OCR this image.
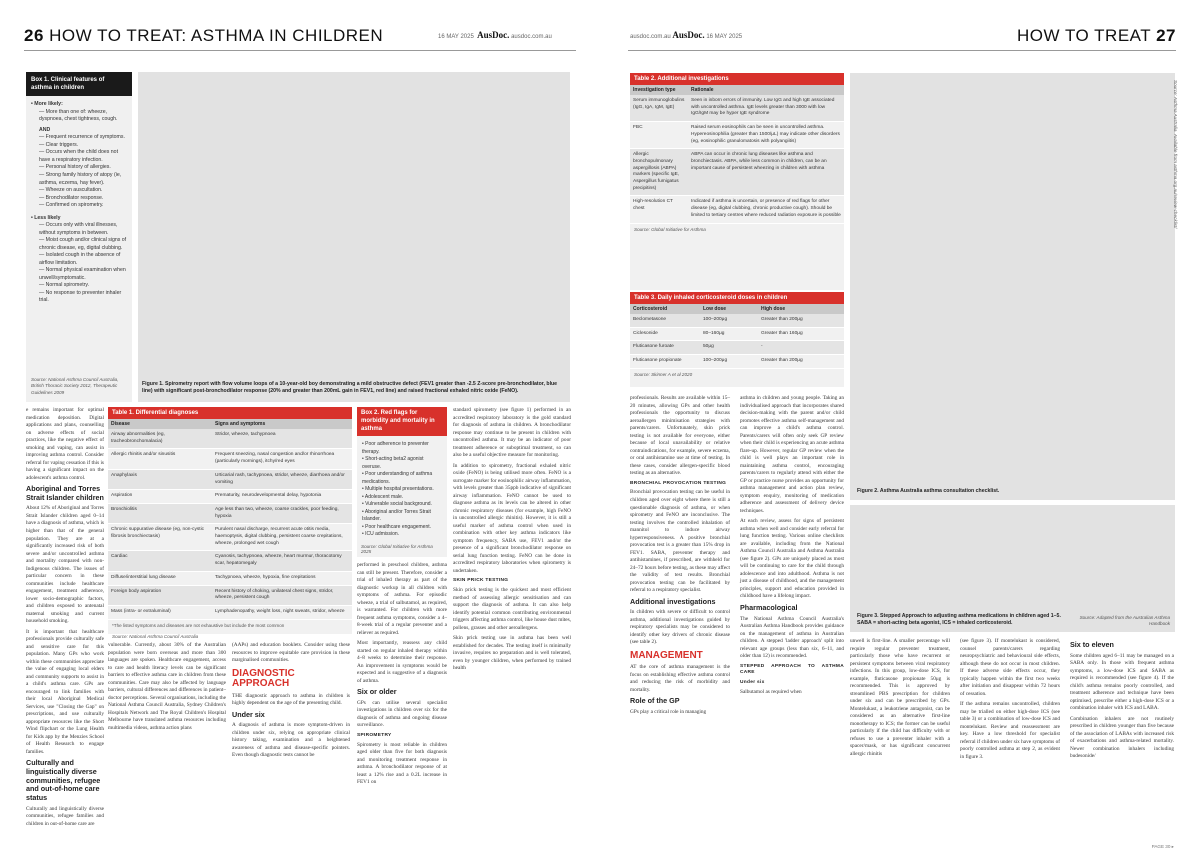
26 HOW TO TREAT: ASTHMA IN CHILDREN	16 MAY 2025 AusDoc. ausdoc.com.au	ausdoc.com.au AusDoc. 16 MAY 2025	HOW TO TREAT 27
Box 1. Clinical features of asthma in children
• More likely:
— More than one of: wheeze, dyspnoea, chest tightness, cough.
AND
— Frequent recurrence of symptoms.
— Clear triggers.
— Occurs when the child does not have a respiratory infection.
— Personal history of allergies.
— Strong family history of atopy (ie, asthma, eczema, hay fever).
— Wheeze on auscultation.
— Bronchodilator response.
— Confirmed on spirometry.
• Less likely
— Occurs only with viral illnesses, without symptoms in between.
— Moist cough and/or clinical signs of chronic disease, eg, digital clubbing.
— Isolated cough in the absence of airflow limitation.
— Normal physical examination when unwell/symptomatic.
— Normal spirometry.
— No response to preventer inhaler trial.
Source: National Asthma Council Australia, British Thoracic Society 2012, Therapeutic Guidelines 2009
Figure 1. Spirometry report with flow volume loops of a 10-year-old boy demonstrating a mild obstructive defect (FEV1 greater than -2.5 Z-score pre-bronchodilator, blue line) with significant post-bronchodilator response (20% and greater than 200mL gain in FEV1, red line) and raised fractional exhaled nitric oxide (FeNO).
Table 2. Additional investigations
Investigation type	Rationale
Serum immunoglobulins (IgG, IgA, IgM, IgE)	Seen in inborn errors of immunity. Low IgG and high IgE associated with uncontrolled asthma. IgE levels greater than 3000 with low IgG/IgM may be hyper IgE syndrome
FBC	Raised serum eosinophils can be seen in uncontrolled asthma. Hypereosinophilia (greater than 1500/μL) may indicate other disorders (eg, eosinophilic granulomatosis with polyangiitis)
Allergic bronchopulmonary aspergillosis (ABPA) markers (specific IgE, Aspergillus fumigatus precipitins)	ABPA can occur in chronic lung diseases like asthma and bronchiectasis. ABPA, while less common in children, can be an important cause of persistent wheezing in children with asthma
High-resolution CT chest	Indicated if asthma is uncertain, or presence of red flags for other disease (eg, digital clubbing, chronic productive cough). Should be limited to tertiary centres where reduced radiation exposure is possible
Source: Global Initiative for Asthma
Table 3. Daily inhaled corticosteroid doses in children
Corticosteroid	Low dose	High dose
Beclometasone	100–200μg	Greater than 200μg
Ciclesonide	80–160μg	Greater than 160μg
Fluticasone furoate	50μg	-
Fluticasone propionate	100–200μg	Greater than 200μg
Source: Skinner A et al 2020
Figure 2. Asthma Australia asthma consultation checklist.
Figure 3. Stepped Approach to adjusting asthma medications in children aged 1–5. SABA = short-acting beta agonist, ICS = inhaled corticosteroid.
Source: Adapted from the Australian Asthma Handbook
Source: Asthma Australia. Available from asthma.org.au/review-checklist/

e remains important for optimal medication deposition. Digital applications and plans, counselling on adverse effects of social practices, like the negative effect of smoking and vaping, can assist in improving asthma control. Consider referral for vaping cessation if this is having a significant impact on the adolescent's asthma control.

Aboriginal and Torres Strait Islander children

About 12% of Aboriginal and Torres Strait Islander children aged 0–14 have a diagnosis of asthma, which is higher than that of the general population. They are at a significantly increased risk of both severe and/or uncontrolled asthma and mortality compared with non-Indigenous children. The issues of particular concern in these communities include healthcare engagement, treatment adherence, lower socio-demographic factors, and children exposed to antenatal maternal smoking and current household smoking.

It is important that healthcare professionals provide culturally safe and sensitive care for this population. Many GPs who work within these communities appreciate the value of engaging local elders and community supports to assist in a child's asthma care. GPs are encouraged to link families with their local Aboriginal Medical Services, use "Closing the Gap" on prescriptions, and use culturally appropriate resources like the Short Wind flipchart or the Lung Health for Kids app by the Menzies School of Health Research to engage families.

Culturally and linguistically diverse communities, refugee and out-of-home care status

Culturally and linguistically diverse communities, refugee families and children in out-of-home care are

Table 1. Differential diagnoses
Disease	Signs and symptoms
Airway abnormalities (eg, tracheobronchomalacia)	Stridor, wheeze, tachypnoea
Allergic rhinitis and/or sinusitis	Frequent sneezing, nasal congestion and/or rhinorrhoea (particularly mornings), itchy/red eyes
Anaphylaxis	Urticarial rash, tachypnoea, stridor, wheeze, diarrhoea and/or vomiting
Aspiration	Prematurity, neurodevelopmental delay, hypotonia
Bronchiolitis	Age less than two, wheeze, coarse crackles, poor feeding, hypoxia
Chronic suppurative disease (eg, non-cystic fibrosis bronchiectasis)	Purulent nasal discharge, recurrent acute otitis media, haemoptysis, digital clubbing, persistent coarse crepitations, wheeze, prolonged wet cough
Cardiac	Cyanosis, tachypnoea, wheeze, heart murmur, thoracotomy scar, hepatomegaly
Diffuse/interstitial lung disease	Tachypnoea, wheeze, hypoxia, fine crepitations
Foreign body aspiration	Recent history of choking, unilateral chest signs, stridor, wheeze, persistent cough
Mass (intra- or extraluminal)	Lymphadenopathy, weight loss, night sweats, stridor, wheeze
*The listed symptoms and diseases are not exhaustive but include the most common
Source: National Asthma Council Australia
Box 2. Red flags for morbidity and mortality in asthma
• Poor adherence to preventer therapy.
• Short-acting beta2 agonist overuse.
• Poor understanding of asthma medications.
• Multiple hospital presentations.
• Adolescent male.
• Vulnerable social background.
• Aboriginal and/or Torres Strait Islander.
• Poor healthcare engagement.
• ICU admission.
Source: Global Initiative for Asthma 2025

vulnerable. Currently, about 30% of the Australian population were born overseas and more than 300 languages are spoken. Healthcare engagement, access to care and health literacy levels can be significant barriers to effective asthma care in children from these communities. Care may also be affected by language barriers, cultural differences and differences in patient–doctor perceptions. Several organisations, including the National Asthma Council Australia, Sydney Children's Hospitals Network and The Royal Children's Hospital Melbourne have translated asthma resources including multimedia videos, asthma action plans

(AAPs) and education booklets. Consider using these resources to improve equitable care provision in these marginalised communities.

DIAGNOSTIC APPROACH

THE diagnostic approach to asthma in children is highly dependent on the age of the presenting child.

Under six

A diagnosis of asthma is more symptom-driven in children under six, relying on appropriate clinical history taking, examination and a heightened awareness of asthma and disease-specific pointers. Even though diagnostic tests cannot be

performed in preschool children, asthma can still be present. Therefore, consider a trial of inhaled therapy as part of the diagnostic workup in all children with symptoms of asthma. For episodic wheeze, a trial of salbutamol, as required, is warranted. For children with more frequent asthma symptoms, consider a 4–8-week trial of a regular preventer and a reliever as required.

Most importantly, reassess any child started on regular inhaled therapy within 4–8 weeks to determine their response. An improvement in symptoms would be expected and is suggestive of a diagnosis of asthma.

Six or older

GPs can utilise several specialist investigations in children over six for the diagnosis of asthma and ongoing disease surveillance.

SPIROMETRY

Spirometry is most reliable in children aged older than five for both diagnosis and monitoring treatment response in asthma. A bronchodilator response of at least a 12% rise and a 0.2L increase in FEV1 on

standard spirometry (see figure 1) performed in an accredited respiratory laboratory is the gold standard for diagnosis of asthma in children. A bronchodilator response may continue to be present in children with uncontrolled asthma. It may be an indicator of poor treatment adherence or suboptimal treatment, so can also be a useful objective measure for monitoring.

In addition to spirometry, fractional exhaled nitric oxide (FeNO) is being utilised more often. FeNO is a surrogate marker for eosinophilic airway inflammation, with levels greater than 35ppb indicative of significant airway inflammation. FeNO cannot be used to diagnose asthma as its levels can be altered in other chronic respiratory diseases (for example, high FeNO in uncontrolled allergic rhinitis). However, it is still a useful marker of asthma control when used in combination with other key asthma indicators like symptom frequency, SABA use, FEV1 and/or the presence of a significant bronchodilator response on serial lung function testing. FeNO can be done in accredited respiratory laboratories when spirometry is undertaken.

SKIN PRICK TESTING

Skin prick testing is the quickest and most efficient method of assessing allergic sensitisation and can support the diagnosis of asthma. It can also help identify potential common contributing environmental triggers affecting asthma control, like house dust mites, pollens, grasses and other aeroallergens.

Skin prick testing use in asthma has been well established for decades. The testing itself is minimally invasive, requires no preparation and is well tolerated, even by younger children, when performed by trained health

professionals. Results are available within 15–20 minutes, allowing GPs and other health professionals the opportunity to discuss aeroallergen minimisation strategies with parents/carers. Unfortunately, skin prick testing is not available for everyone, either because of local unavailability or relative contraindications, for example, severe eczema, or oral antihistamine use at time of testing. In these cases, consider allergen-specific blood testing as an alternative.

BRONCHIAL PROVOCATION TESTING

Bronchial provocation testing can be useful in children aged over eight where there is still a questionable diagnosis of asthma, or when spirometry and FeNO are inconclusive. The testing involves the controlled inhalation of mannitol to induce airway hyperresponsiveness. A positive bronchial provocation test is a greater than 15% drop in FEV1. SABA, preventer therapy and antihistamines, if prescribed, are withheld for 24–72 hours before testing, as these may affect the validity of test results. Bronchial provocation testing can be facilitated by referral to a respiratory specialist.

Additional investigations

In children with severe or difficult to control asthma, additional investigations guided by respiratory specialists may be considered to identify other key drivers of chronic disease (see table 2).

MANAGEMENT

AT the core of asthma management is the focus on establishing effective asthma control and reducing the risk of morbidity and mortality.

Role of the GP

GPs play a critical role in managing

asthma in children and young people. Taking an individualised approach that incorporates shared decision-making with the parent and/or child promotes effective asthma self-management and can improve a child's asthma control. Parents/carers will often only seek GP review when their child is experiencing an acute asthma flare-up. However, regular GP review when the child is well plays an important role in maintaining asthma control, encouraging parents/carers to regularly attend with either the GP or practice nurse provides an opportunity for asthma management and action plan review, symptom enquiry, monitoring of medication adherence and assessment of delivery device techniques.

At each review, assess for signs of persistent asthma when well and consider early referral for lung function testing. Various online checklists are available, including from the National Asthma Council Australia and Asthma Australia (see figure 2). GPs are uniquely placed as most will be continuing to care for the child through adolescence and into adulthood. Asthma is not just a disease of childhood, and the management principles, support and education provided in childhood have a lifelong impact.

Pharmacological

The National Asthma Council Australia's Australian Asthma Handbook provides guidance on the management of asthma in Australian children. A stepped 'ladder approach' split into relevant age groups (less than six, 6–11, and older than 12) is recommended.

STEPPED APPROACH TO ASTHMA CARE
Under six

Salbutamol as required when

unwell is first-line. A smaller percentage will require regular preventer treatment, particularly those who have recurrent or persistent symptoms between viral respiratory infections. In this group, low-dose ICS, for example, fluticasone propionate 50μg is recommended. This is approved by streamlined PBS prescription for children under six and can be prescribed by GPs. Montelukast, a leukotriene antagonist, can be considered as an alternative first-line monotherapy to ICS; the former can be useful particularly if the child has difficulty with or refuses to use a preventer inhaler with a spacer/mask, or has significant concurrent allergic rhinitis

(see figure 3). If montelukast is considered, counsel parents/carers regarding neuropsychiatric and behavioural side effects, although these do not occur in most children. If these adverse side effects occur, they typically happen within the first two weeks after initiation and disappear within 72 hours of cessation.

If the asthma remains uncontrolled, children may be trialled on either high-dose ICS (see table 3) or a combination of low-dose ICS and montelukast. Review and reassessment are key. Have a low threshold for specialist referral if children under six have symptoms of poorly controlled asthma at step 2, as evident in figure 3.

Six to eleven

Some children aged 6–11 may be managed on a SABA only. In those with frequent asthma symptoms, a low-dose ICS and SABA as required is recommended (see figure 4). If the child's asthma remains poorly controlled, and treatment adherence and technique have been optimised, prescribe either a high-dose ICS or a combination inhaler with ICS and LABA.

Combination inhalers are not routinely prescribed in children younger than five because of the association of LABAs with increased risk of exacerbations and asthma-related mortality. Newer combination inhalers including budesonide/

PAGE 30 ▸
